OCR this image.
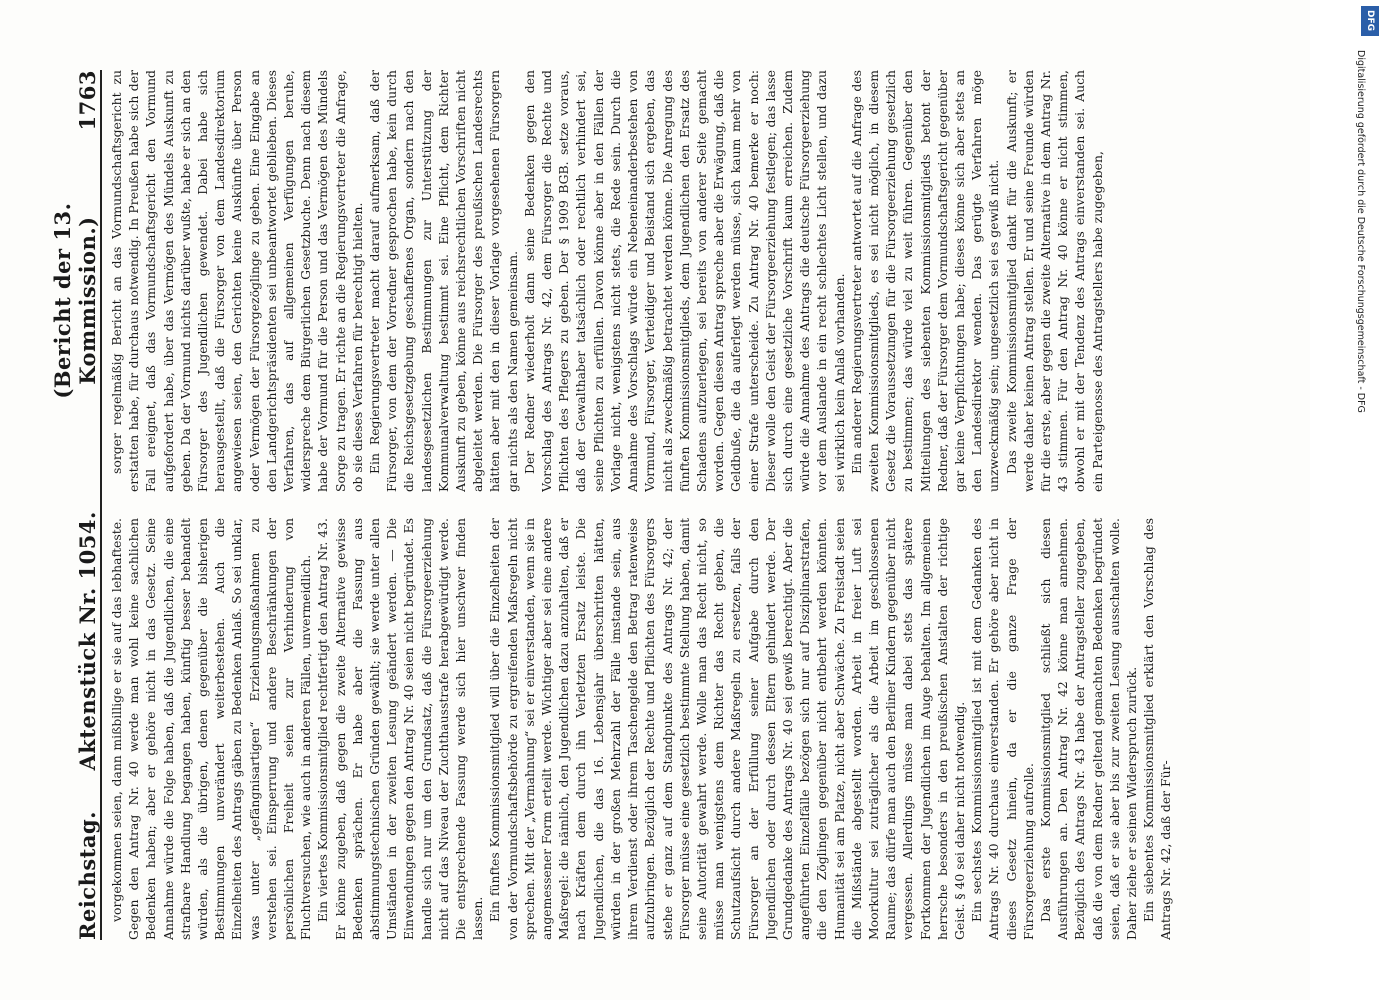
Reichstag.
Aktenstück Nr. 1054.
(Bericht der 13. Kommission.)
1763

vorgekommen seien, dann mißbillige er sie auf das lebhafteste. Gegen den Antrag Nr. 40 werde man wohl keine sachlichen Bedenken haben; aber er gehöre nicht in das Gesetz. Seine Annahme würde die Folge haben, daß die Jugendlichen, die eine strafbare Handlung begangen haben, künftig besser behandelt würden, als die übrigen, denen gegenüber die bisherigen Bestimmungen unverändert weiterbestehen. Auch die Einzelheiten des Antrags gäben zu Bedenken Anlaß. So sei unklar, was unter „gefängnisartigen“ Erziehungsmaßnahmen zu verstehen sei. Einsperrung und andere Beschränkungen der persönlichen Freiheit seien zur Verhinderung von Fluchtversuchen, wie auch in anderen Fällen, unvermeidlich. Ein viertes Kommissionsmitglied rechtfertigt den Antrag Nr. 43. Er könne zugeben, daß gegen die zweite Alternative gewisse Bedenken sprächen. Er habe aber die Fassung aus abstimmungstechnischen Gründen gewählt; sie werde unter allen Umständen in der zweiten Lesung geändert werden. — Die Einwendungen gegen den Antrag Nr. 40 seien nicht begründet. Es handle sich nur um den Grundsatz, daß die Fürsorgeerziehung nicht auf das Niveau der Zuchthausstrafe herabgewürdigt werde. Die entsprechende Fassung werde sich hier unschwer finden lassen. Ein fünftes Kommissionsmitglied will über die Einzelheiten der von der Vormundschaftsbehörde zu ergreifenden Maßregeln nicht sprechen. Mit der „Vermahnung“ sei er einverstanden, wenn sie in angemessener Form erteilt werde. Wichtiger aber sei eine andere Maßregel: die nämlich, den Jugendlichen dazu anzuhalten, daß er nach Kräften dem durch ihn Verletzten Ersatz leiste. Die Jugendlichen, die das 16. Lebensjahr überschritten hätten, würden in der großen Mehrzahl der Fälle imstande sein, aus ihrem Verdienst oder ihrem Taschengelde den Betrag ratenweise aufzubringen. Bezüglich der Rechte und Pflichten des Fürsorgers stehe er ganz auf dem Standpunkte des Antrags Nr. 42; der Fürsorger müsse eine gesetzlich bestimmte Stellung haben, damit seine Autorität gewahrt werde. Wolle man das Recht nicht, so müsse man wenigstens dem Richter das Recht geben, die Schutzaufsicht durch andere Maßregeln zu ersetzen, falls der Fürsorger an der Erfüllung seiner Aufgabe durch den Jugendlichen oder durch dessen Eltern gehindert werde. Der Grundgedanke des Antrags Nr. 40 sei gewiß berechtigt. Aber die angeführten Einzelfälle bezögen sich nur auf Disziplinarstrafen, die den Zöglingen gegenüber nicht entbehrt werden könnten. Humanität sei am Platze, nicht aber Schwäche. Zu Freistadt seien die Mißstände abgestellt worden. Arbeit in freier Luft sei Moorkultur sei zuträglicher als die Arbeit im geschlossenen Raume; das dürfe man auch den Berliner Kindern gegenüber nicht vergessen. Allerdings müsse man dabei stets das spätere Fortkommen der Jugendlichen im Auge behalten. Im allgemeinen herrsche besonders in den preußischen Anstalten der richtige Geist. § 40 sei daher nicht notwendig. Ein sechstes Kommissionsmitglied ist mit dem Gedanken des Antrags Nr. 40 durchaus einverstanden. Er gehöre aber nicht in dieses Gesetz hinein, da er die ganze Frage der Fürsorgeerziehung aufrolle. Das erste Kommissionsmitglied schließt sich diesen Ausführungen an. Den Antrag Nr. 42 könne man annehmen. Bezüglich des Antrags Nr. 43 habe der Antragsteller zugegeben, daß die von dem Redner geltend gemachten Bedenken begründet seien, daß er sie aber bis zur zweiten Lesung ausschalten wolle. Daher ziehe er seinen Widerspruch zurück. Ein siebentes Kommissionsmitglied erklärt den Vorschlag des Antrags Nr. 42, daß der Für-

sorger regelmäßig Bericht an das Vormundschaftsgericht zu erstatten habe, für durchaus notwendig. In Preußen habe sich der Fall ereignet, daß das Vormundschaftsgericht den Vormund aufgefordert habe, über das Vermögen des Mündels Auskunft zu geben. Da der Vormund nichts darüber wußte, habe er sich an den Fürsorger des Jugendlichen gewendet. Dabei habe sich herausgestellt, daß die Fürsorger von dem Landesdirektorium angewiesen seien, den Gerichten keine Auskünfte über Person oder Vermögen der Fürsorgezöglinge zu geben. Eine Eingabe an den Landgerichtspräsidenten sei unbeantwortet geblieben. Dieses Verfahren, das auf allgemeinen Verfügungen beruhe, widerspreche dem Bürgerlichen Gesetzbuche. Denn nach diesem habe der Vormund für die Person und das Vermögen des Mündels Sorge zu tragen. Er richte an die Regierungsvertreter die Anfrage, ob sie dieses Verfahren für berechtigt hielten. Ein Regierungsvertreter macht darauf aufmerksam, daß der Fürsorger, von dem der Vorredner gesprochen habe, kein durch die Reichsgesetzgebung geschaffenes Organ, sondern nach den landesgesetzlichen Bestimmungen zur Unterstützung der Kommunalverwaltung bestimmt sei. Eine Pflicht, dem Richter Auskunft zu geben, könne aus reichsrechtlichen Vorschriften nicht abgeleitet werden. Die Fürsorger des preußischen Landesrechts hätten aber mit den in dieser Vorlage vorgesehenen Fürsorgern gar nichts als den Namen gemeinsam. Der Redner wiederholt dann seine Bedenken gegen den Vorschlag des Antrags Nr. 42, dem Fürsorger die Rechte und Pflichten des Pflegers zu geben. Der § 1909 BGB. setze voraus, daß der Gewalthaber tatsächlich oder rechtlich verhindert sei, seine Pflichten zu erfüllen. Davon könne aber in den Fällen der Vorlage nicht, wenigstens nicht stets, die Rede sein. Durch die Annahme des Vorschlags würde ein Nebeneinanderbestehen von Vormund, Fürsorger, Verteidiger und Beistand sich ergeben, das nicht als zweckmäßig betrachtet werden könne. Die Anregung des fünften Kommissionsmitglieds, dem Jugendlichen den Ersatz des Schadens aufzuerlegen, sei bereits von anderer Seite gemacht worden. Gegen diesen Antrag spreche aber die Erwägung, daß die Geldbuße, die da auferlegt werden müsse, sich kaum mehr von einer Strafe unterscheide. Zu Antrag Nr. 40 bemerke er noch: Dieser wolle den Geist der Fürsorgeerziehung festlegen; das lasse sich durch eine gesetzliche Vorschrift kaum erreichen. Zudem würde die Annahme des Antrags die deutsche Fürsorgeerziehung vor dem Auslande in ein recht schlechtes Licht stellen, und dazu sei wirklich kein Anlaß vorhanden. Ein anderer Regierungsvertreter antwortet auf die Anfrage des zweiten Kommissionsmitglieds, es sei nicht möglich, in diesem Gesetz die Voraussetzungen für die Fürsorgeerziehung gesetzlich zu bestimmen; das würde viel zu weit führen. Gegenüber den Mitteilungen des siebenten Kommissionsmitglieds betont der Redner, daß der Fürsorger dem Vormundschaftsgericht gegenüber gar keine Verpflichtungen habe; dieses könne sich aber stets an den Landesdirektor wenden. Das gerügte Verfahren möge unzweckmäßig sein; ungesetzlich sei es gewiß nicht. Das zweite Kommissionsmitglied dankt für die Auskunft; er werde daher keinen Antrag stellen. Er und seine Freunde würden für die erste, aber gegen die zweite Alternative in dem Antrag Nr. 43 stimmen. Für den Antrag Nr. 40 könne er nicht stimmen, obwohl er mit der Tendenz des Antrags einverstanden sei. Auch ein Parteigenosse des Antragstellers habe zugegeben,	Digitalisierung gefördert durch die Deutsche Forschungsgemeinschaft - DFG
DFG
